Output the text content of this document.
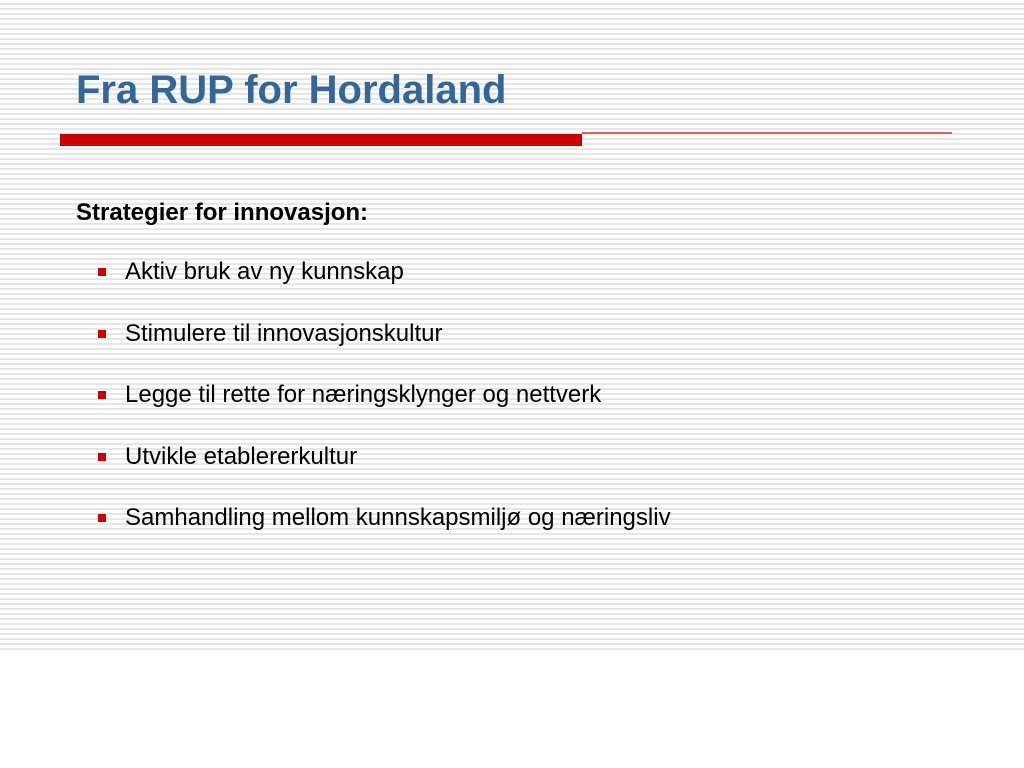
Fra RUP for Hordaland
Strategier for innovasjon:
Aktiv bruk av ny kunnskap
Stimulere til innovasjonskultur
Legge til rette for næringsklynger og nettverk
Utvikle etablererkultur
Samhandling mellom kunnskapsmiljø og næringsliv
